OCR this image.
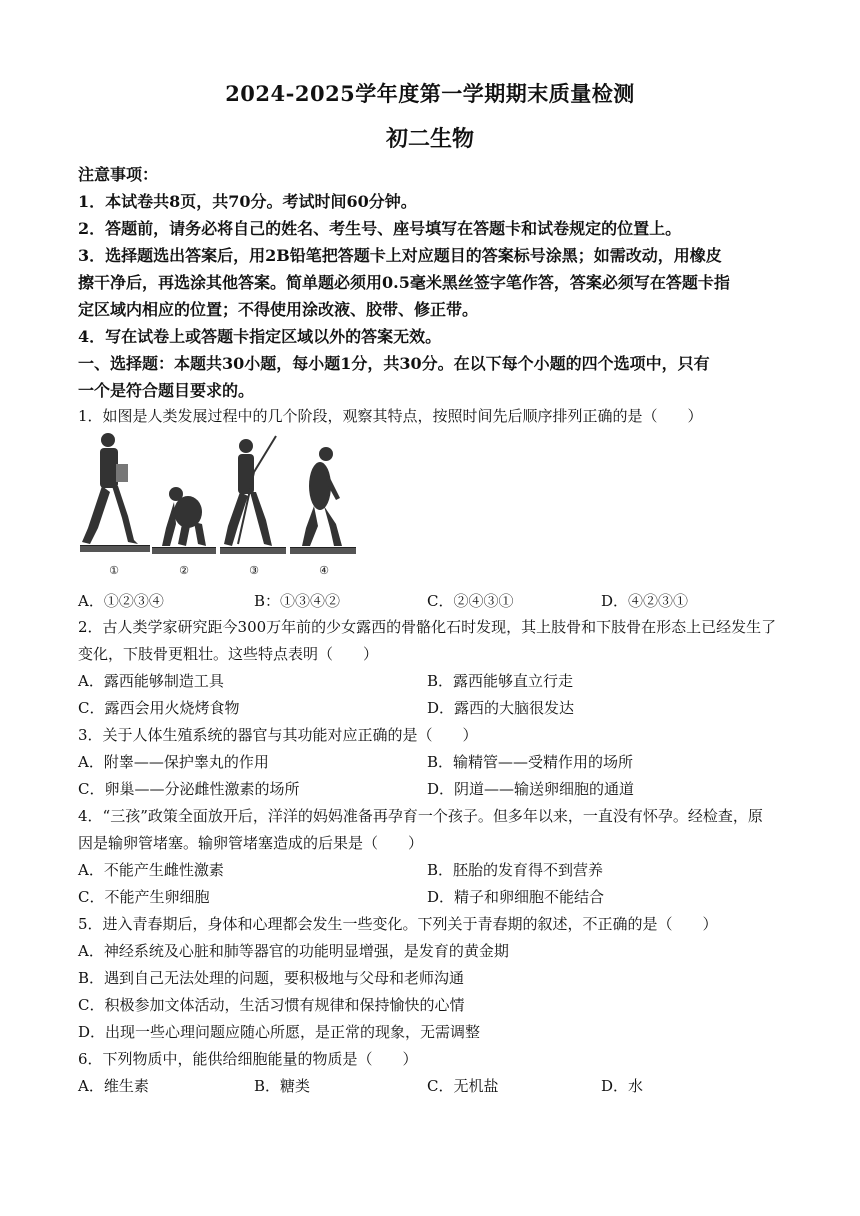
2024-2025学年度第一学期期末质量检测
初二生物
注意事项：
1．本试卷共8页，共70分。考试时间60分钟。
2．答题前，请务必将自己的姓名、考生号、座号填写在答题卡和试卷规定的位置上。
3．选择题选出答案后，用2B铅笔把答题卡上对应题目的答案标号涂黑；如需改动，用橡皮
擦干净后，再选涂其他答案。简单题必须用0.5毫米黑丝签字笔作答，答案必须写在答题卡指
定区域内相应的位置；不得使用涂改液、胶带、修正带。
4．写在试卷上或答题卡指定区域以外的答案无效。
一、选择题：本题共30小题，每小题1分，共30分。在以下每个小题的四个选项中，只有
一个是符合题目要求的。
1．如图是人类发展过程中的几个阶段，观察其特点，按照时间先后顺序排列正确的是（　　）
①	②	③	④
A．①②③④	B：①③④②	C．②④③①	D．④②③①
2．古人类学家研究距今300万年前的少女露西的骨骼化石时发现，其上肢骨和下肢骨在形态上已经发生了
变化，下肢骨更粗壮。这些特点表明（　　）
A．露西能够制造工具	B．露西能够直立行走
C．露西会用火烧烤食物	D．露西的大脑很发达
3．关于人体生殖系统的器官与其功能对应正确的是（　　）
A．附睾——保护睾丸的作用	B．输精管——受精作用的场所
C．卵巢——分泌雌性激素的场所	D．阴道——输送卵细胞的通道
4．“三孩”政策全面放开后，洋洋的妈妈准备再孕育一个孩子。但多年以来，一直没有怀孕。经检查，原
因是输卵管堵塞。输卵管堵塞造成的后果是（　　）
A．不能产生雌性激素	B．胚胎的发育得不到营养
C．不能产生卵细胞	D．精子和卵细胞不能结合
5．进入青春期后，身体和心理都会发生一些变化。下列关于青春期的叙述，不正确的是（　　）
A．神经系统及心脏和肺等器官的功能明显增强，是发育的黄金期
B．遇到自己无法处理的问题，要积极地与父母和老师沟通
C．积极参加文体活动，生活习惯有规律和保持愉快的心情
D．出现一些心理问题应随心所愿，是正常的现象，无需调整
6．下列物质中，能供给细胞能量的物质是（　　）
A．维生素	B．糖类	C．无机盐	D．水
